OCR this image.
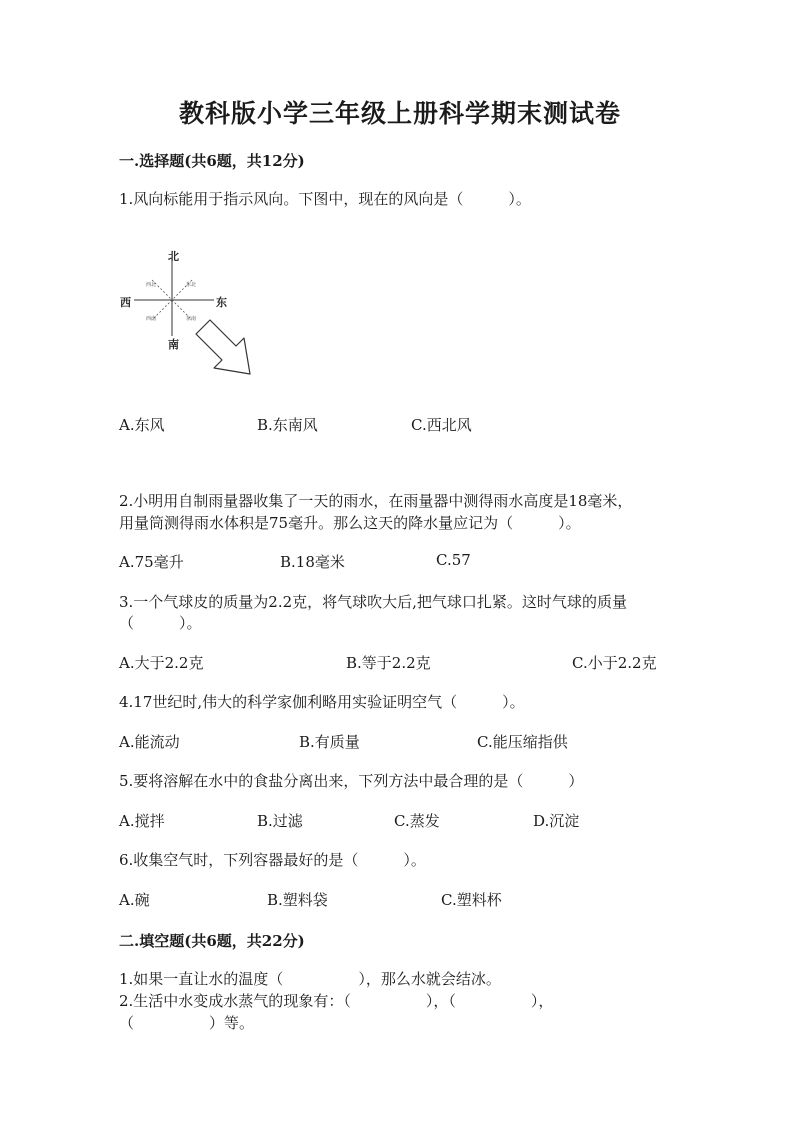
教科版小学三年级上册科学期末测试卷
一.选择题(共6题，共12分)
1.风向标能用于指示风向。下图中，现在的风向是（　　　）。
北
南
西	东
西北	东北
西南	东南
A.东风	B.东南风	C.西北风
2.小明用自制雨量器收集了一天的雨水，在雨量器中测得雨水高度是18毫米，
用量筒测得雨水体积是75毫升。那么这天的降水量应记为（　　　）。
A.75毫升	B.18毫米	C.57
3.一个气球皮的质量为2.2克，将气球吹大后,把气球口扎紧。这时气球的质量
（　　　）。
A.大于2.2克	B.等于2.2克	C.小于2.2克
4.17世纪时,伟大的科学家伽利略用实验证明空气（　　　）。
A.能流动	B.有质量	C.能压缩指供
5.要将溶解在水中的食盐分离出来，下列方法中最合理的是（　　　）
A.搅拌	B.过滤	C.蒸发	D.沉淀
6.收集空气时，下列容器最好的是（　　　）。
A.碗	B.塑料袋	C.塑料杯
二.填空题(共6题，共22分)
1.如果一直让水的温度（　　　　　），那么水就会结冰。
2.生活中水变成水蒸气的现象有：（　　　　　），（　　　　　），
（　　　　　）等。
